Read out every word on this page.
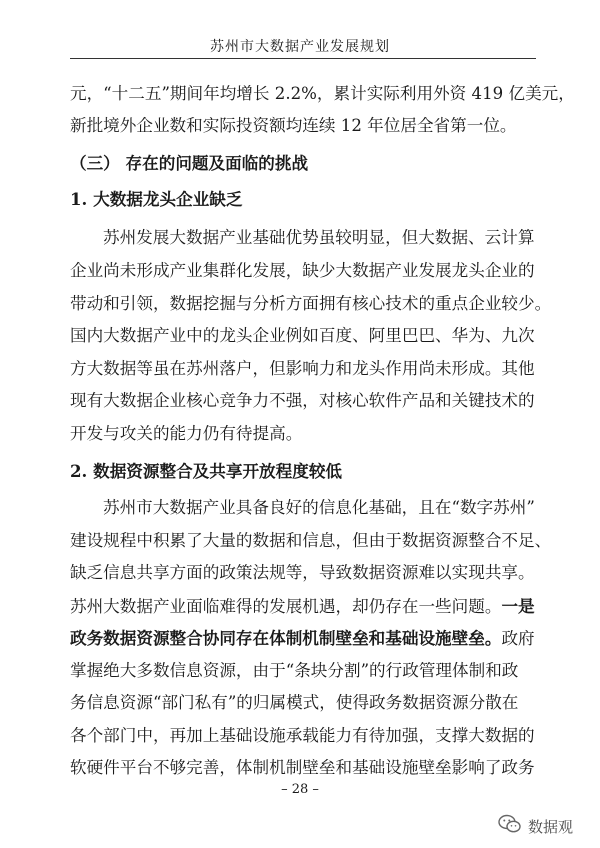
苏州市大数据产业发展规划
元，“十二五”期间年均增长 2.2%，累计实际利用外资 419 亿美元，
新批境外企业数和实际投资额均连续 12 年位居全省第一位。
（三） 存在的问题及面临的挑战
1. 大数据龙头企业缺乏
苏州发展大数据产业基础优势虽较明显，但大数据、云计算
企业尚未形成产业集群化发展，缺少大数据产业发展龙头企业的
带动和引领，数据挖掘与分析方面拥有核心技术的重点企业较少。
国内大数据产业中的龙头企业例如百度、阿里巴巴、华为、九次
方大数据等虽在苏州落户，但影响力和龙头作用尚未形成。其他
现有大数据企业核心竞争力不强，对核心软件产品和关键技术的
开发与攻关的能力仍有待提高。
2. 数据资源整合及共享开放程度较低
苏州市大数据产业具备良好的信息化基础，且在“数字苏州”
建设规程中积累了大量的数据和信息，但由于数据资源整合不足、
缺乏信息共享方面的政策法规等，导致数据资源难以实现共享。
苏州大数据产业面临难得的发展机遇，却仍存在一些问题。一是
政务数据资源整合协同存在体制机制壁垒和基础设施壁垒。政府
掌握绝大多数信息资源，由于“条块分割”的行政管理体制和政
务信息资源“部门私有”的归属模式，使得政务数据资源分散在
各个部门中，再加上基础设施承载能力有待加强，支撑大数据的
软硬件平台不够完善，体制机制壁垒和基础设施壁垒影响了政务
– 28 –
数据观
